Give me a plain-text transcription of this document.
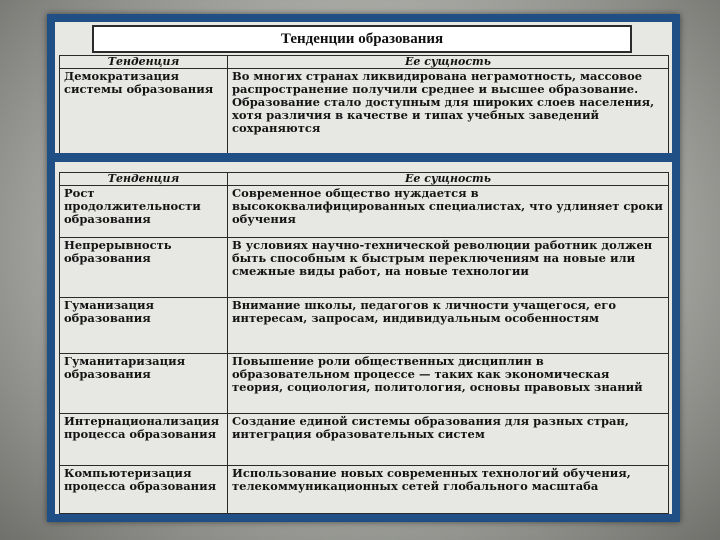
Тенденции образования
Тенденция	Ее сущность
Демократизация системы образования	Во многих странах ликвидирована неграмотность, массовое распространение получили среднее и высшее образование. Образование стало доступным для широких слоев населения, хотя различия в качестве и типах учебных заведений сохраняются
Тенденция	Ее сущность
Рост продолжительности образования	Современное общество нуждается в высококвалифицированных специалистах, что удлиняет сроки обучения
Непрерывность образования	В условиях научно-технической революции работник должен быть способным к быстрым переключениям на новые или смежные виды работ, на новые технологии
Гуманизация образования	Внимание школы, педагогов к личности учащегося, его интересам, запросам, индивидуальным особенностям
Гуманитаризация образования	Повышение роли общественных дисциплин в образовательном процессе — таких как экономическая теория, социология, политология, основы правовых знаний
Интернационализация процесса образования	Создание единой системы образования для разных стран, интеграция образовательных систем
Компьютеризация процесса образования	Использование новых современных технологий обучения, телекоммуникационных сетей глобального масштаба
